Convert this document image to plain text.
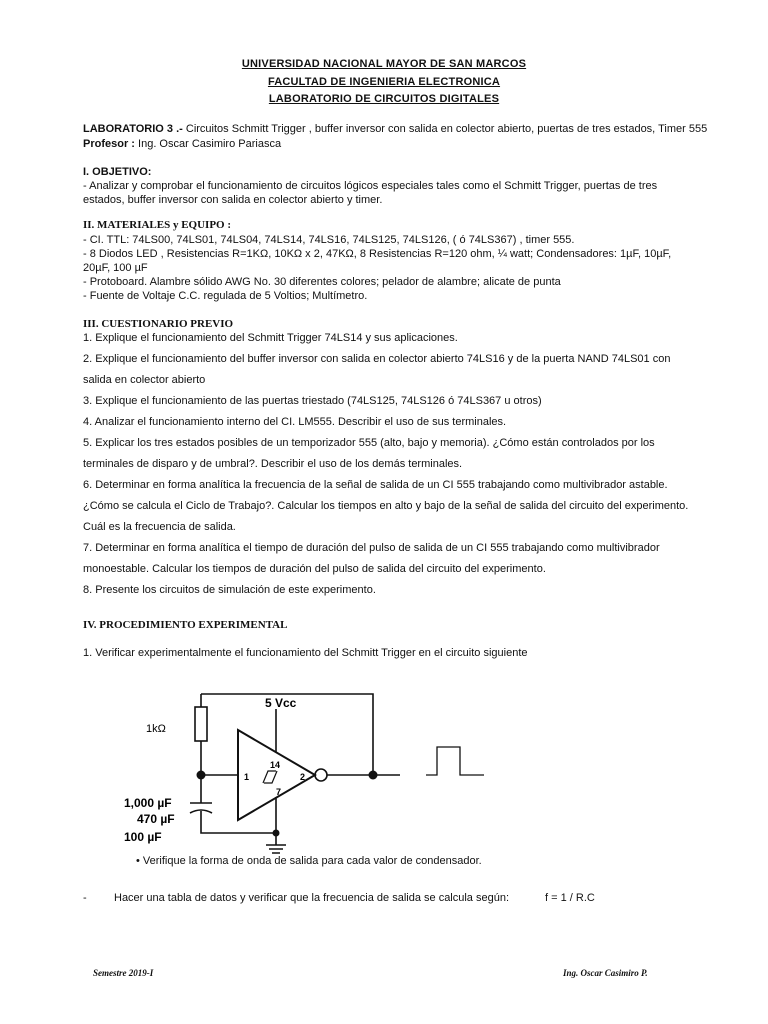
UNIVERSIDAD NACIONAL MAYOR DE SAN MARCOS
FACULTAD DE INGENIERIA ELECTRONICA
LABORATORIO DE CIRCUITOS DIGITALES
LABORATORIO 3 .- Circuitos Schmitt Trigger , buffer inversor con salida en colector abierto, puertas de tres estados, Timer 555
Profesor : Ing. Oscar Casimiro Pariasca
I. OBJETIVO:
- Analizar y comprobar el funcionamiento de circuitos lógicos especiales tales como el Schmitt Trigger, puertas de tres
estados, buffer inversor con salida en colector abierto y timer.
II. MATERIALES y EQUIPO :
- CI. TTL: 74LS00, 74LS01, 74LS04, 74LS14, 74LS16, 74LS125, 74LS126, ( ó 74LS367) , timer 555.
- 8 Diodos LED , Resistencias R=1KΩ, 10KΩ x 2, 47KΩ, 8 Resistencias R=120 ohm, ¼ watt; Condensadores: 1µF, 10µF,
20µF, 100 µF
- Protoboard. Alambre sólido AWG No. 30 diferentes colores; pelador de alambre; alicate de punta
- Fuente de Voltaje C.C. regulada de 5 Voltios; Multímetro.
III. CUESTIONARIO PREVIO
1. Explique el funcionamiento del Schmitt Trigger 74LS14 y sus aplicaciones.
2. Explique el funcionamiento del buffer inversor con salida en colector abierto 74LS16 y de la puerta NAND 74LS01 con
salida en colector abierto
3. Explique el funcionamiento de las puertas triestado (74LS125, 74LS126 ó 74LS367 u otros)
4. Analizar el funcionamiento interno del CI. LM555. Describir el uso de sus terminales.
5. Explicar los tres estados posibles de un temporizador 555 (alto, bajo y memoria). ¿Cómo están controlados por los
terminales de disparo y de umbral?. Describir el uso de los demás terminales.
6. Determinar en forma analítica la frecuencia de la señal de salida de un CI 555 trabajando como multivibrador astable.
¿Cómo se calcula el Ciclo de Trabajo?. Calcular los tiempos en alto y bajo de la señal de salida del circuito del experimento.
Cuál es la frecuencia de salida.
7. Determinar en forma analítica el tiempo de duración del pulso de salida de un CI 555 trabajando como multivibrador
monoestable. Calcular los tiempos de duración del pulso de salida del circuito del experimento.
8. Presente los circuitos de simulación de este experimento.
IV. PROCEDIMIENTO EXPERIMENTAL
1. Verificar experimentalmente el funcionamiento del Schmitt Trigger en el circuito siguiente
5 Vcc
1kΩ
14
1	2
7
1,000 µF
470 µF
100 µF
• Verifique la forma de onda de salida para cada valor de condensador.
- Hacer una tabla de datos y verificar que la frecuencia de salida se calcula según:	f = 1 / R.C
Semestre 2019-I	Ing. Oscar Casimiro P.
